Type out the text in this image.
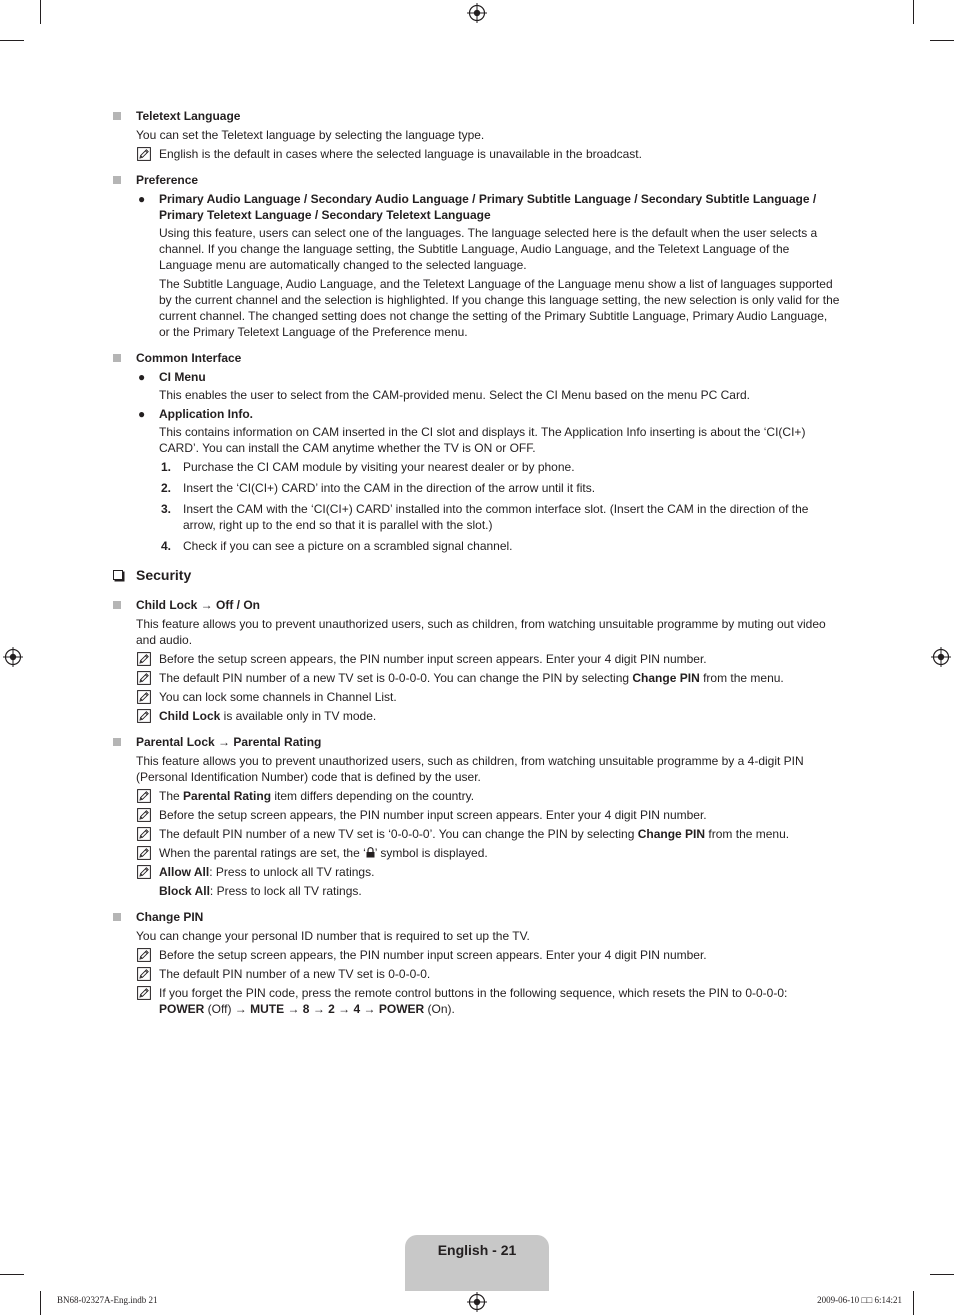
Teletext Language
You can set the Teletext language by selecting the language type.
English is the default in cases where the selected language is unavailable in the broadcast.
Preference
● Primary Audio Language / Secondary Audio Language / Primary Subtitle Language / Secondary Subtitle Language / Primary Teletext Language / Secondary Teletext Language
Using this feature, users can select one of the languages. The language selected here is the default when the user selects a channel. If you change the language setting, the Subtitle Language, Audio Language, and the Teletext Language of the Language menu are automatically changed to the selected language.
The Subtitle Language, Audio Language, and the Teletext Language of the Language menu show a list of languages supported by the current channel and the selection is highlighted. If you change this language setting, the new selection is only valid for the current channel. The changed setting does not change the setting of the Primary Subtitle Language, Primary Audio Language, or the Primary Teletext Language of the Preference menu.
Common Interface
● CI Menu
This enables the user to select from the CAM-provided menu. Select the CI Menu based on the menu PC Card.
● Application Info.
This contains information on CAM inserted in the CI slot and displays it. The Application Info inserting is about the ‘CI(CI+) CARD’. You can install the CAM anytime whether the TV is ON or OFF.
1. Purchase the CI CAM module by visiting your nearest dealer or by phone.
2. Insert the ‘CI(CI+) CARD’ into the CAM in the direction of the arrow until it fits.
3. Insert the CAM with the ‘CI(CI+) CARD’ installed into the common interface slot. (Insert the CAM in the direction of the arrow, right up to the end so that it is parallel with the slot.)
4. Check if you can see a picture on a scrambled signal channel.
Security
Child Lock → Off / On
This feature allows you to prevent unauthorized users, such as children, from watching unsuitable programme by muting out video and audio.
Before the setup screen appears, the PIN number input screen appears. Enter your 4 digit PIN number.
The default PIN number of a new TV set is 0-0-0-0. You can change the PIN by selecting Change PIN from the menu.
You can lock some channels in Channel List.
Child Lock is available only in TV mode.
Parental Lock → Parental Rating
This feature allows you to prevent unauthorized users, such as children, from watching unsuitable programme by a 4-digit PIN (Personal Identification Number) code that is defined by the user.
The Parental Rating item differs depending on the country.
Before the setup screen appears, the PIN number input screen appears. Enter your 4 digit PIN number.
The default PIN number of a new TV set is ‘0-0-0-0’. You can change the PIN by selecting Change PIN from the menu.
When the parental ratings are set, the ‘ ’ symbol is displayed.
Allow All: Press to unlock all TV ratings.
Block All: Press to lock all TV ratings.
Change PIN
You can change your personal ID number that is required to set up the TV.
Before the setup screen appears, the PIN number input screen appears. Enter your 4 digit PIN number.
The default PIN number of a new TV set is 0-0-0-0.
If you forget the PIN code, press the remote control buttons in the following sequence, which resets the PIN to 0-0-0-0:
POWER (Off) → MUTE → 8 → 2 → 4 → POWER (On).
English - 21
BN68-02327A-Eng.indb 21	2009-06-10 □□ 6:14:21
